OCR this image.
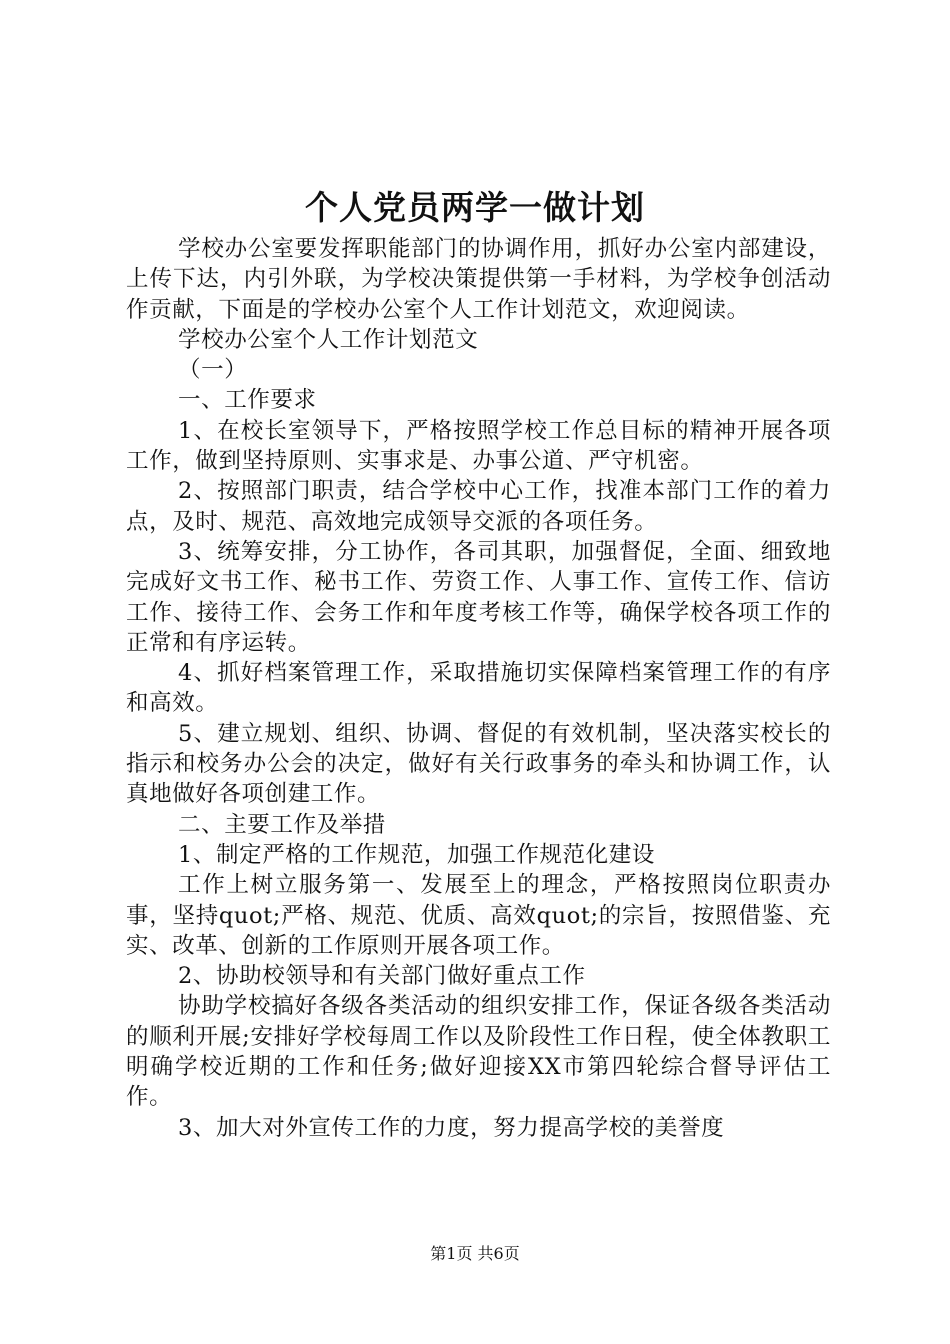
个人党员两学一做计划

学校办公室要发挥职能部门的协调作用，抓好办公室内部建设，上传下达，内引外联，为学校决策提供第一手材料，为学校争创活动作贡献，下面是的学校办公室个人工作计划范文，欢迎阅读。

学校办公室个人工作计划范文

（一）

一、工作要求

1、在校长室领导下，严格按照学校工作总目标的精神开展各项工作，做到坚持原则、实事求是、办事公道、严守机密。

2、按照部门职责，结合学校中心工作，找准本部门工作的着力点，及时、规范、高效地完成领导交派的各项任务。

3、统筹安排，分工协作，各司其职，加强督促，全面、细致地完成好文书工作、秘书工作、劳资工作、人事工作、宣传工作、信访工作、接待工作、会务工作和年度考核工作等，确保学校各项工作的正常和有序运转。

4、抓好档案管理工作，采取措施切实保障档案管理工作的有序和高效。

5、建立规划、组织、协调、督促的有效机制，坚决落实校长的指示和校务办公会的决定，做好有关行政事务的牵头和协调工作，认真地做好各项创建工作。

二、主要工作及举措

1、制定严格的工作规范，加强工作规范化建设

工作上树立服务第一、发展至上的理念，严格按照岗位职责办事，坚持quot;严格、规范、优质、高效quot;的宗旨，按照借鉴、充实、改革、创新的工作原则开展各项工作。

2、协助校领导和有关部门做好重点工作

协助学校搞好各级各类活动的组织安排工作，保证各级各类活动的顺利开展;安排好学校每周工作以及阶段性工作日程，使全体教职工明确学校近期的工作和任务;做好迎接XX市第四轮综合督导评估工作。

3、加大对外宣传工作的力度，努力提高学校的美誉度

第1页 共6页
